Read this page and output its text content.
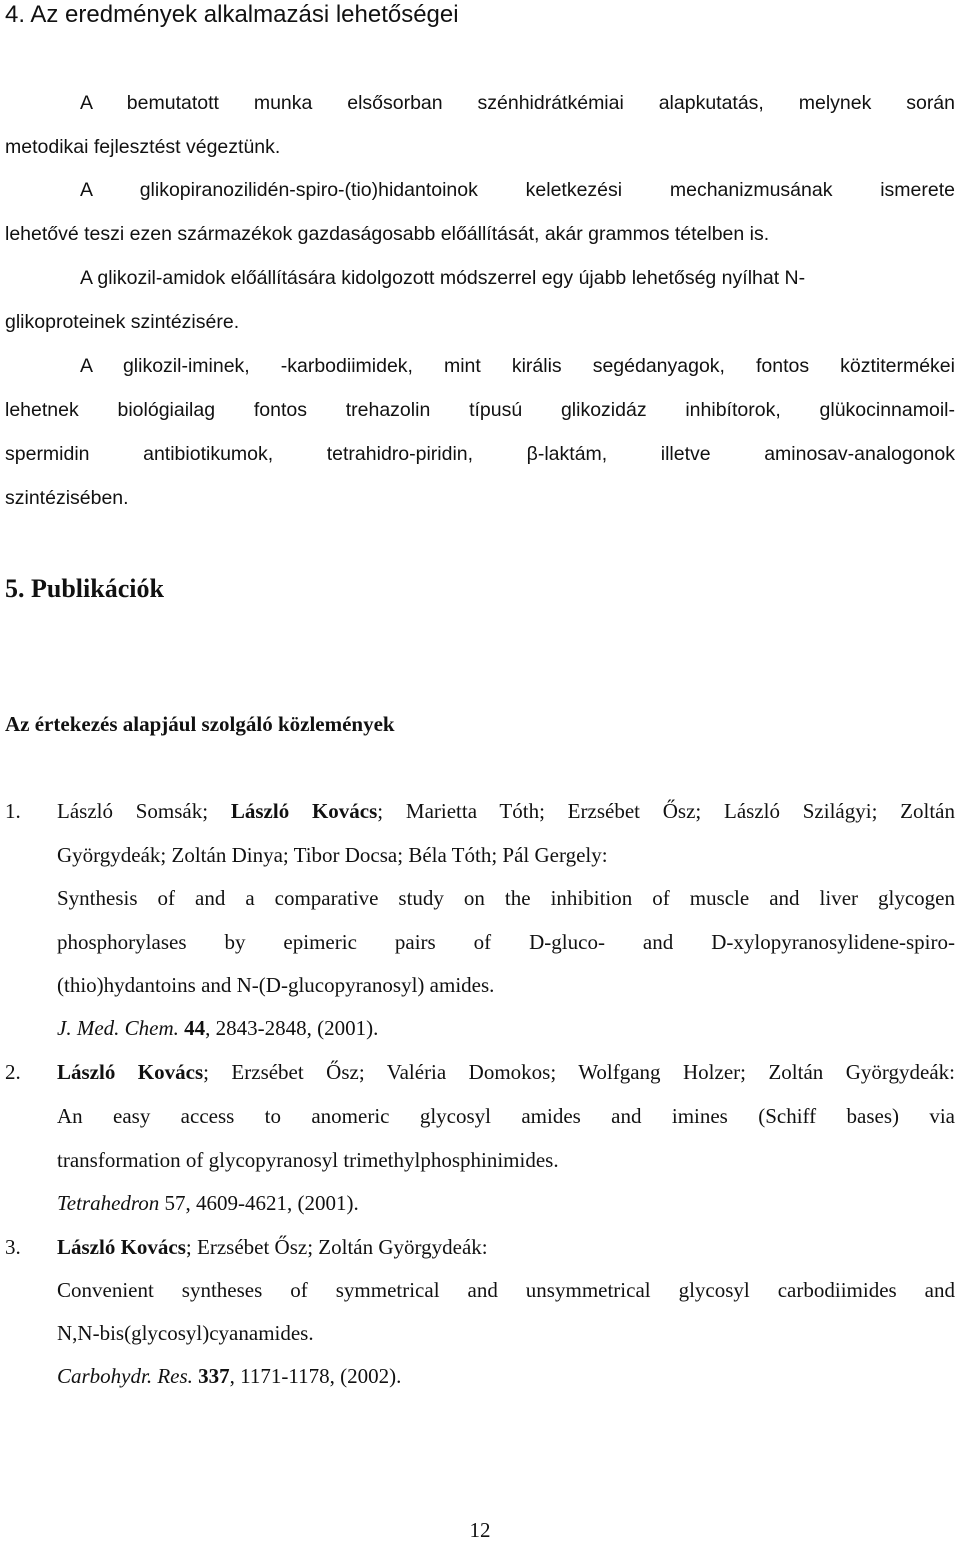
4. Az eredmények alkalmazási lehetőségei
A bemutatott munka elsősorban szénhidrátkémiai alapkutatás, melynek során
metodikai fejlesztést végeztünk.
A glikopiranozilidén-spiro-(tio)hidantoinok keletkezési mechanizmusának ismerete
lehetővé teszi ezen származékok gazdaságosabb előállítását, akár grammos tételben is.
A glikozil-amidok előállítására kidolgozott módszerrel egy újabb lehetőség nyílhat N-
glikoproteinek szintézisére.
A glikozil-iminek, -karbodiimidek, mint királis segédanyagok, fontos köztitermékei
lehetnek biológiailag fontos trehazolin típusú glikozidáz inhibítorok, glükocinnamoil-
spermidin antibiotikumok, tetrahidro-piridin, β-laktám, illetve aminosav-analogonok
szintézisében.
5. Publikációk
Az értekezés alapjául szolgáló közlemények
1. László Somsák; László Kovács; Marietta Tóth; Erzsébet Ősz; László Szilágyi; Zoltán
Györgydeák; Zoltán Dinya; Tibor Docsa; Béla Tóth; Pál Gergely:
Synthesis of and a comparative study on the inhibition of muscle and liver glycogen
phosphorylases by epimeric pairs of D-gluco- and D-xylopyranosylidene-spiro-
(thio)hydantoins and N-(D-glucopyranosyl) amides.
J. Med. Chem. 44, 2843-2848, (2001).
2. László Kovács; Erzsébet Ősz; Valéria Domokos; Wolfgang Holzer; Zoltán Györgydeák:
An easy access to anomeric glycosyl amides and imines (Schiff bases) via
transformation of glycopyranosyl trimethylphosphinimides.
Tetrahedron 57, 4609-4621, (2001).
3. László Kovács; Erzsébet Ősz; Zoltán Györgydeák:
Convenient syntheses of symmetrical and unsymmetrical glycosyl carbodiimides and
N,N-bis(glycosyl)cyanamides.
Carbohydr. Res. 337, 1171-1178, (2002).
12
